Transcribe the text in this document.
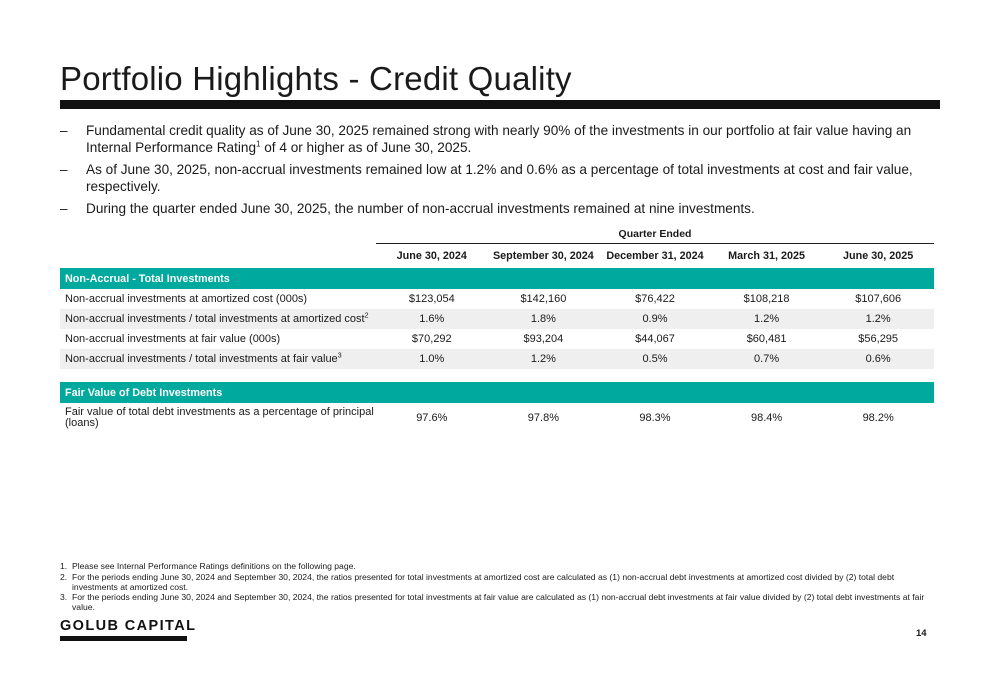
Portfolio Highlights - Credit Quality
–	Fundamental credit quality as of June 30, 2025 remained strong with nearly 90% of the investments in our portfolio at fair value having an Internal Performance Rating$^1$ of 4 or higher as of June 30, 2025.
–	As of June 30, 2025, non-accrual investments remained low at 1.2% and 0.6% as a percentage of total investments at cost and fair value, respectively.
–	During the quarter ended June 30, 2025, the number of non-accrual investments remained at nine investments.
Quarter Ended
June 30, 2024	September 30, 2024	December 31, 2024	March 31, 2025	June 30, 2025
Non-Accrual - Total Investments
Non-accrual investments at amortized cost (000s)	$123,054	$142,160	$76,422	$108,218	$107,606
Non-accrual investments / total investments at amortized cost$^2$	1.6%	1.8%	0.9%	1.2%	1.2%
Non-accrual investments at fair value (000s)	$70,292	$93,204	$44,067	$60,481	$56,295
Non-accrual investments / total investments at fair value$^3$	1.0%	1.2%	0.5%	0.7%	0.6%
Fair Value of Debt Investments
Fair value of total debt investments as a percentage of principal (loans)	97.6%	97.8%	98.3%	98.4%	98.2%
1. Please see Internal Performance Ratings definitions on the following page.
2. For the periods ending June 30, 2024 and September 30, 2024, the ratios presented for total investments at amortized cost are calculated as (1) non-accrual debt investments at amortized cost divided by (2) total debt investments at amortized cost.
3. For the periods ending June 30, 2024 and September 30, 2024, the ratios presented for total investments at fair value are calculated as (1) non-accrual debt investments at fair value divided by (2) total debt investments at fair value.
GOLUB CAPITAL	14
